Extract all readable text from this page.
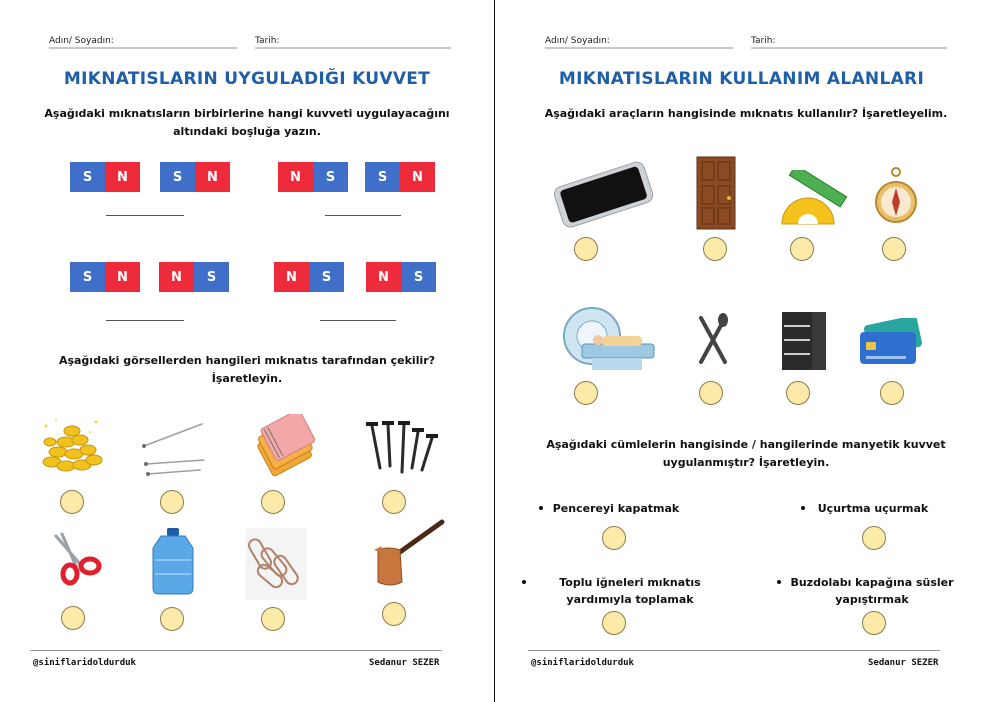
Adın/ Soyadın:	Tarih:
MIKNATISLARIN UYGULADIĞI KUVVET
Aşağıdaki mıknatısların birbirlerine hangi kuvveti uygulayacağını altındaki boşluğa yazın.
S	N	S	N	N	S	S	N
S	N	N	S	N	S	N	S
Aşağıdaki görsellerden hangileri mıknatıs tarafından çekilir? İşaretleyin.
@siniflaridoldurduk	Sedanur SEZER
Adın/ Soyadın:	Tarih:
MIKNATISLARIN KULLANIM ALANLARI
Aşağıdaki araçların hangisinde mıknatıs kullanılır? İşaretleyelim.
Aşağıdaki cümlelerin hangisinde / hangilerinde manyetik kuvvet uygulanmıştır? İşaretleyin.
Pencereyi kapatmak	Uçurtma uçurmak
Toplu iğneleri mıknatıs yardımıyla toplamak
Buzdolabı kapağına süsler yapıştırmak
@siniflaridoldurduk	Sedanur SEZER
